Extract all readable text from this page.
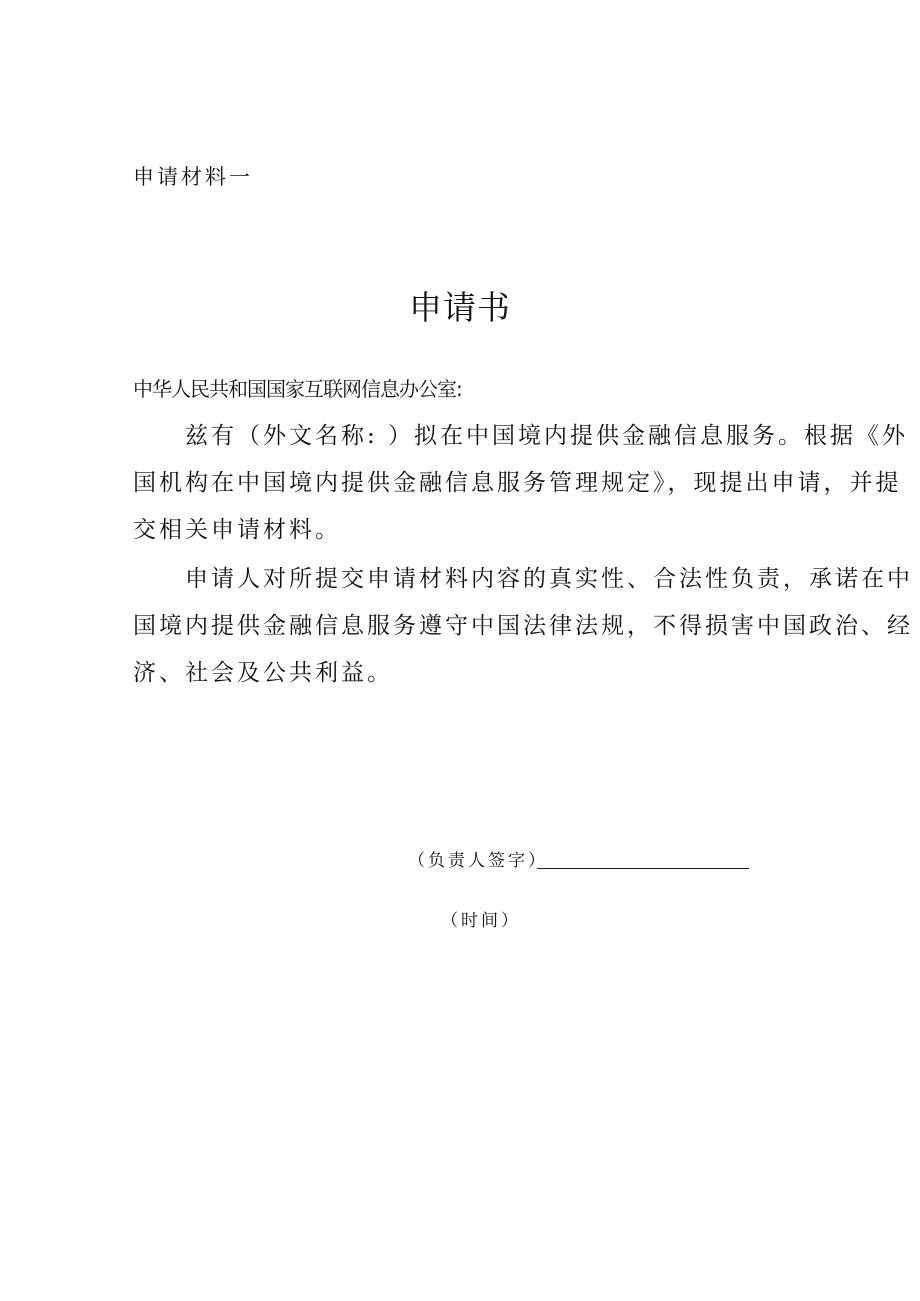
申请材料一
申请书
中华人民共和国国家互联网信息办公室:

兹有（外文名称: ）拟在中国境内提供金融信息服务。根据《外
国机构在中国境内提供金融信息服务管理规定》，现提出申请，并提
交相关申请材料。

申请人对所提交申请材料内容的真实性、合法性负责，承诺在中
国境内提供金融信息服务遵守中国法律法规，不得损害中国政治、经
济、社会及公共利益。

（负责人签字）
（时间）
